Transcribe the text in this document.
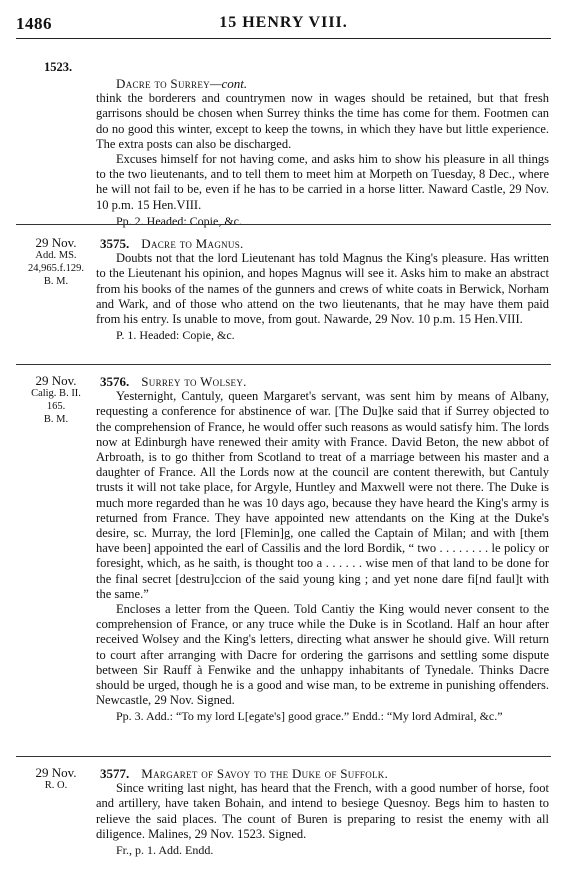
1486	15 HENRY VIII.
1523.
Dacre to Surrey—cont.

think the borderers and countrymen now in wages should be retained, but that fresh garrisons should be chosen when Surrey thinks the time has come for them. Footmen can do no good this winter, except to keep the towns, in which they have but little experience. The extra posts can also be discharged.

Excuses himself for not having come, and asks him to show his pleasure in all things to the two lieutenants, and to tell them to meet him at Morpeth on Tuesday, 8 Dec., where he will not fail to be, even if he has to be carried in a horse litter. Naward Castle, 29 Nov. 10 p.m. 15 Hen.VIII.

Pp. 2. Headed: Copie, &c.
29 Nov.
Add. MS.
24,965.f.129.
B. M.
3575. Dacre to Magnus.

Doubts not that the lord Lieutenant has told Magnus the King's pleasure. Has written to the Lieutenant his opinion, and hopes Magnus will see it. Asks him to make an abstract from his books of the names of the gunners and crews of white coats in Berwick, Norham and Wark, and of those who attend on the two lieutenants, that he may have them paid from his entry. Is unable to move, from gout. Nawarde, 29 Nov. 10 p.m. 15 Hen.VIII.

P. 1. Headed: Copie, &c.
29 Nov.
Calig. B. II.
165.
B. M.
3576. Surrey to Wolsey.

Yesternight, Cantuly, queen Margaret's servant, was sent him by means of Albany, requesting a conference for abstinence of war. [The Du]ke said that if Surrey objected to the comprehension of France, he would offer such reasons as would satisfy him. The lords now at Edinburgh have renewed their amity with France. David Beton, the new abbot of Arbroath, is to go thither from Scotland to treat of a marriage between his master and a daughter of France. All the Lords now at the council are content therewith, but Cantuly trusts it will not take place, for Argyle, Huntley and Maxwell were not there. The Duke is much more regarded than he was 10 days ago, because they have heard the King's army is returned from France. They have appointed new attendants on the King at the Duke's desire, sc. Murray, the lord [Flemin]g, one called the Captain of Milan; and with [them have been] appointed the earl of Cassilis and the lord Bordik, “ two . . . . . . . . le policy or foresight, which, as he saith, is thought too a . . . . . . wise men of that land to be done for the final secret [destru]ccion of the said young king ; and yet none dare fi[nd faul]t with the same.”

Encloses a letter from the Queen. Told Cantiy the King would never consent to the comprehension of France, or any truce while the Duke is in Scotland. Half an hour after received Wolsey and the King's letters, directing what answer he should give. Will return to court after arranging with Dacre for ordering the garrisons and settling some dispute between Sir Rauff à Fenwike and the unhappy inhabitants of Tynedale. Thinks Dacre should be urged, though he is a good and wise man, to be extreme in punishing offenders. Newcastle, 29 Nov. Signed.

Pp. 3. Add.: “To my lord L[egate's] good grace.” Endd.: “My lord Admiral, &c.”
29 Nov.
R. O.
3577. Margaret of Savoy to the Duke of Suffolk.

Since writing last night, has heard that the French, with a good number of horse, foot and artillery, have taken Bohain, and intend to besiege Quesnoy. Begs him to hasten to relieve the said places. The count of Buren is preparing to resist the enemy with all diligence. Malines, 29 Nov. 1523. Signed.

Fr., p. 1. Add. Endd.
